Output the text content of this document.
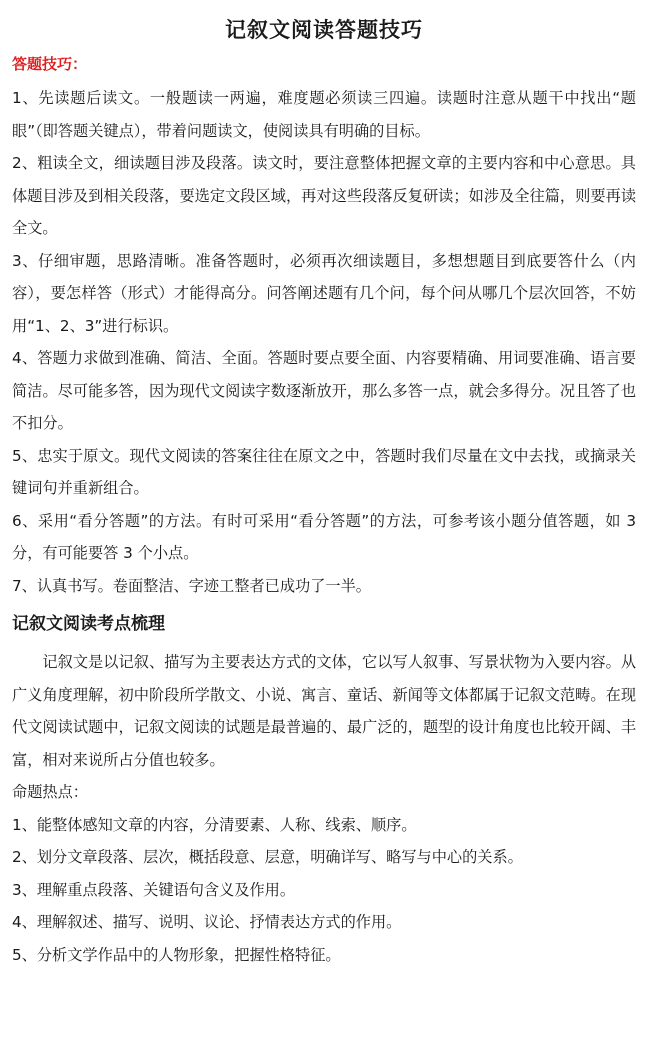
记叙文阅读答题技巧
答题技巧：

1、先读题后读文。一般题读一两遍，难度题必须读三四遍。读题时注意从题干中找出“题眼”（即答题关键点），带着问题读文，使阅读具有明确的目标。

2、粗读全文，细读题目涉及段落。读文时，要注意整体把握文章的主要内容和中心意思。具体题目涉及到相关段落，要选定文段区域，再对这些段落反复研读；如涉及全往篇，则要再读全文。

3、仔细审题，思路清晰。准备答题时，必须再次细读题目，多想想题目到底要答什么（内容），要怎样答（形式）才能得高分。问答阐述题有几个问，每个问从哪几个层次回答，不妨用“1、2、3”进行标识。

4、答题力求做到准确、简洁、全面。答题时要点要全面、内容要精确、用词要准确、语言要简洁。尽可能多答，因为现代文阅读字数逐渐放开，那么多答一点，就会多得分。况且答了也不扣分。

5、忠实于原文。现代文阅读的答案往往在原文之中，答题时我们尽量在文中去找，或摘录关键词句并重新组合。

6、采用“看分答题”的方法。有时可采用“看分答题”的方法，可参考该小题分值答题，如 3 分，有可能要答 3 个小点。

7、认真书写。卷面整洁、字迹工整者已成功了一半。

记叙文阅读考点梳理

记叙文是以记叙、描写为主要表达方式的文体，它以写人叙事、写景状物为入要内容。从广义角度理解，初中阶段所学散文、小说、寓言、童话、新闻等文体都属于记叙文范畴。在现代文阅读试题中，记叙文阅读的试题是最普遍的、最广泛的，题型的设计角度也比较开阔、丰富，相对来说所占分值也较多。

命题热点：

1、能整体感知文章的内容，分清要素、人称、线索、顺序。

2、划分文章段落、层次，概括段意、层意，明确详写、略写与中心的关系。

3、理解重点段落、关键语句含义及作用。

4、理解叙述、描写、说明、议论、抒情表达方式的作用。

5、分析文学作品中的人物形象，把握性格特征。
